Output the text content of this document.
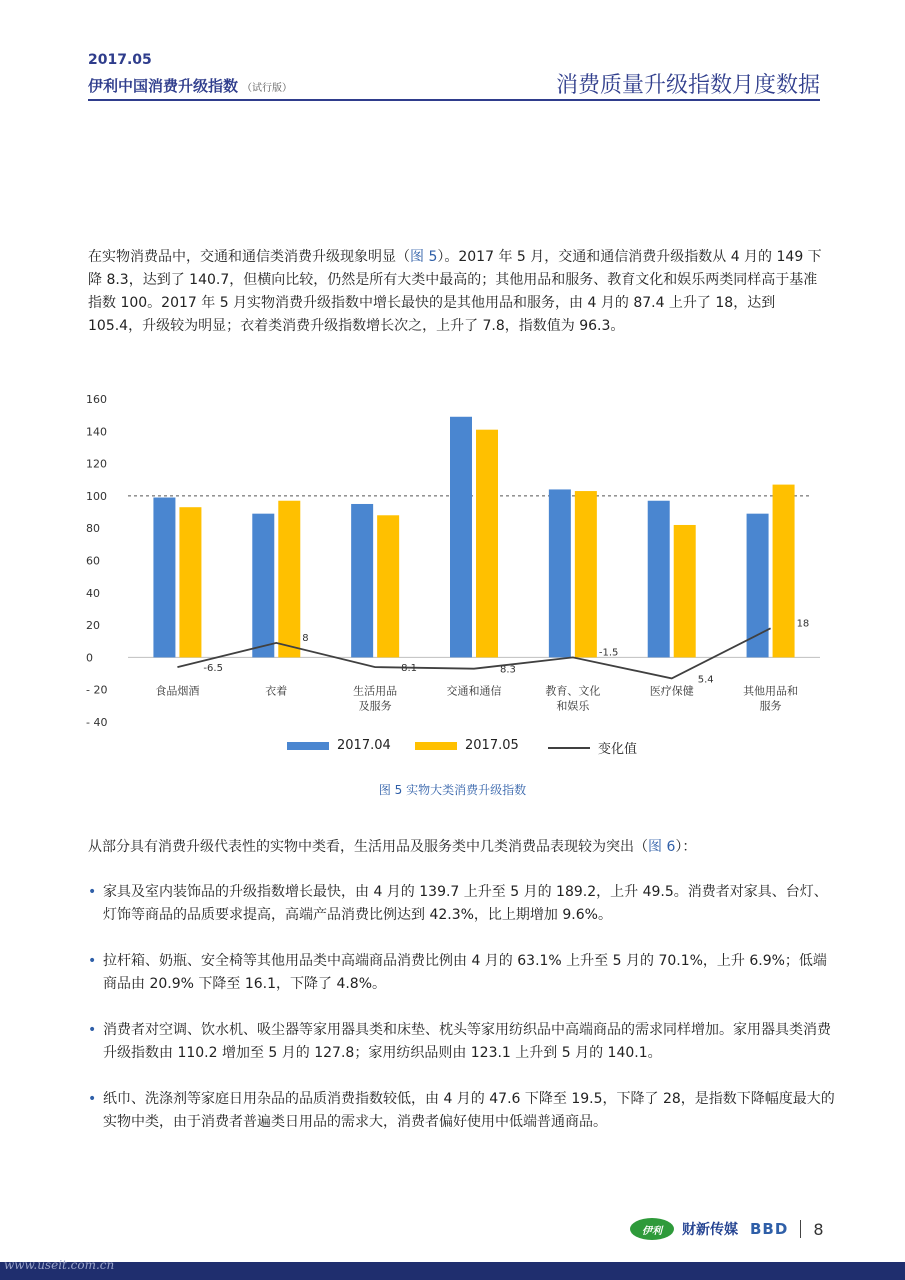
2017.05
伊利中国消费升级指数 （试行版）	消费质量升级指数月度数据

在实物消费品中，交通和通信类消费升级现象明显（图 5）。2017 年 5 月，交通和通信消费升级指数从 4 月的 149 下降 8.3，达到了 140.7，但横向比较，仍然是所有大类中最高的；其他用品和服务、教育文化和娱乐两类同样高于基准指数 100。2017 年 5 月实物消费升级指数中增长最快的是其他用品和服务，由 4 月的 87.4 上升了 18，达到 105.4，升级较为明显；衣着类消费升级指数增长次之，上升了 7.8，指数值为 96.3。

160
140
120
100
80
60
40
20
0
- 20
- 40
食品烟酒	衣着	生活用品
及服务
交通和通信	教育、文化
和娱乐
医疗保健	其他用品和
服务
-6.5
8
8.1	8.3
-1.5
5.4
18
2017.04	2017.05	变化值
图 5 实物大类消费升级指数

从部分具有消费升级代表性的实物中类看，生活用品及服务类中几类消费品表现较为突出（图 6）：

• 家具及室内装饰品的升级指数增长最快，由 4 月的 139.7 上升至 5 月的 189.2，上升 49.5。消费者对家具、台灯、灯饰等商品的品质要求提高，高端产品消费比例达到 42.3%，比上期增加 9.6%。

• 拉杆箱、奶瓶、安全椅等其他用品类中高端商品消费比例由 4 月的 63.1% 上升至 5 月的 70.1%，上升 6.9%；低端商品由 20.9% 下降至 16.1，下降了 4.8%。

• 消费者对空调、饮水机、吸尘器等家用器具类和床垫、枕头等家用纺织品中高端商品的需求同样增加。家用器具类消费升级指数由 110.2 增加至 5 月的 127.8；家用纺织品则由 123.1 上升到 5 月的 140.1。

• 纸巾、洗涤剂等家庭日用杂品的品质消费指数较低，由 4 月的 47.6 下降至 19.5，下降了 28，是指数下降幅度最大的实物中类，由于消费者普遍类日用品的需求大，消费者偏好使用中低端普通商品。

伊利	财新传媒 BBD 8
www.useit.com.cn
